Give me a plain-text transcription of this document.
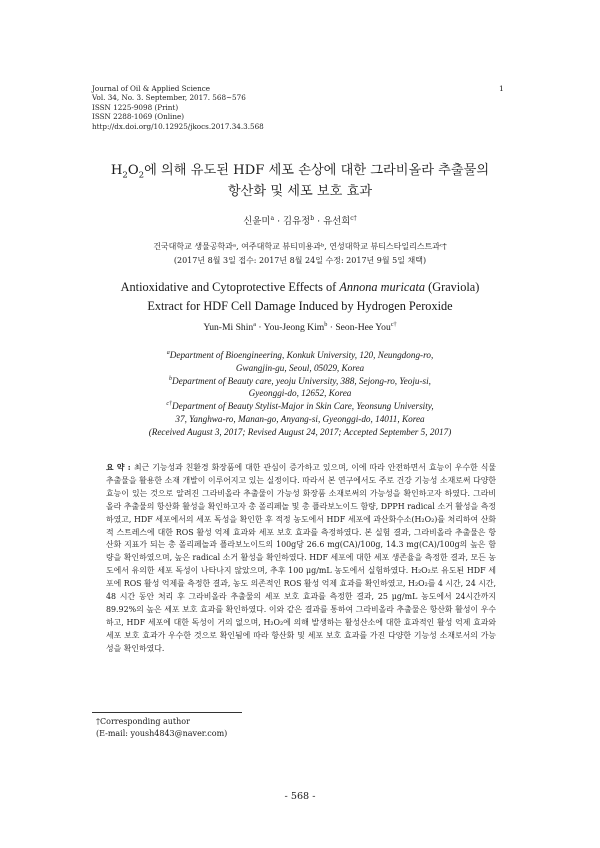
Journal of Oil & Applied Science
Vol. 34, No. 3. September, 2017. 568~576
ISSN 1225-9098 (Print)
ISSN 2288-1069 (Online)
http://dx.doi.org/10.12925/jkocs.2017.34.3.568
1
$H_2O_2$에 의해 유도된 HDF 세포 손상에 대한 그라비올라 추출물의
항산화 및 세포 보호 효과
신윤미$^a$ · 김유정$^b$ · 유선희$^{c\dagger}$
건국대학교 생물공학과ᵃ, 여주대학교 뷰티미용과ᵇ, 연성대학교 뷰티스타일리스트과ᶜ†
(2017년 8월 3일 접수: 2017년 8월 24일 수정: 2017년 9월 5일 채택)
Antioxidative and Cytoprotective Effects of Annona muricata (Graviola)
Extract for HDF Cell Damage Induced by Hydrogen Peroxide
Yun-Mi Shin$^a$ · You-Jeong Kim$^b$ · Seon-Hee You$^{c\dagger}$
$^a$Department of Bioengineering, Konkuk University, 120, Neungdong-ro,
Gwangjin-gu, Seoul, 05029, Korea
$^b$Department of Beauty care, yeoju University, 388, Sejong-ro, Yeoju-si,
Gyeonggi-do, 12652, Korea
$^{c\dagger}$Department of Beauty Stylist-Major in Skin Care, Yeonsung University,
37, Yanghwa-ro, Manan-go, Anyang-si, Gyeonggi-do, 14011, Korea
(Received August 3, 2017; Revised August 24, 2017; Accepted September 5, 2017)
요 약 : 최근 기능성과 친환경 화장품에 대한 관심이 증가하고 있으며, 이에 따라 안전하면서 효능이 우수한 식물 추출물을 활용한 소재 개발이 이루어지고 있는 실정이다. 따라서 본 연구에서도 주로 건강 기능성 소재로써 다양한 효능이 있는 것으로 알려진 그라비올라 추출물이 가능성 화장품 소재로써의 가능성을 확인하고자 하였다. 그라비올라 추출물의 항산화 활성을 확인하고자 총 폴리페놀 및 총 플라보노이드 함량, DPPH radical 소거 활성을 측정하였고, HDF 세포에서의 세포 독성을 확인한 후 적정 농도에서 HDF 세포에 과산화수소(H₂O₂)를 처리하여 산화적 스트레스에 대한 ROS 활성 억제 효과와 세포 보호 효과를 측정하였다. 본 실험 결과, 그라비올라 추출물은 항산화 지표가 되는 총 폴리페놀과 플라보노이드의 100g당 26.6 mg(CA)/100g, 14.3 mg(CA)/100g의 높은 함량을 확인하였으며, 높은 radical 소거 활성을 확인하였다. HDF 세포에 대한 세포 생존율을 측정한 결과, 모든 농도에서 유의한 세포 독성이 나타나지 않았으며, 추후 100 μg/mL 농도에서 실험하였다. H₂O₂로 유도된 HDF 세포에 ROS 활성 억제를 측정한 결과, 농도 의존적인 ROS 활성 억제 효과를 확인하였고, H₂O₂를 4 시간, 24 시간, 48 시간 동안 처리 후 그라비올라 추출물의 세포 보호 효과를 측정한 결과, 25 μg/mL 농도에서 24시간까지 89.92%의 높은 세포 보호 효과를 확인하였다. 이와 같은 결과를 통하여 그라비올라 추출물은 항산화 활성이 우수하고, HDF 세포에 대한 독성이 거의 없으며, H₂O₂에 의해 발생하는 활성산소에 대한 효과적인 활성 억제 효과와 세포 보호 효과가 우수한 것으로 확인됨에 따라 항산화 및 세포 보호 효과를 가진 다양한 기능성 소재로서의 가능성을 확인하였다.
†Corresponding author
(E-mail: yoush4843@naver.com)
- 568 -
